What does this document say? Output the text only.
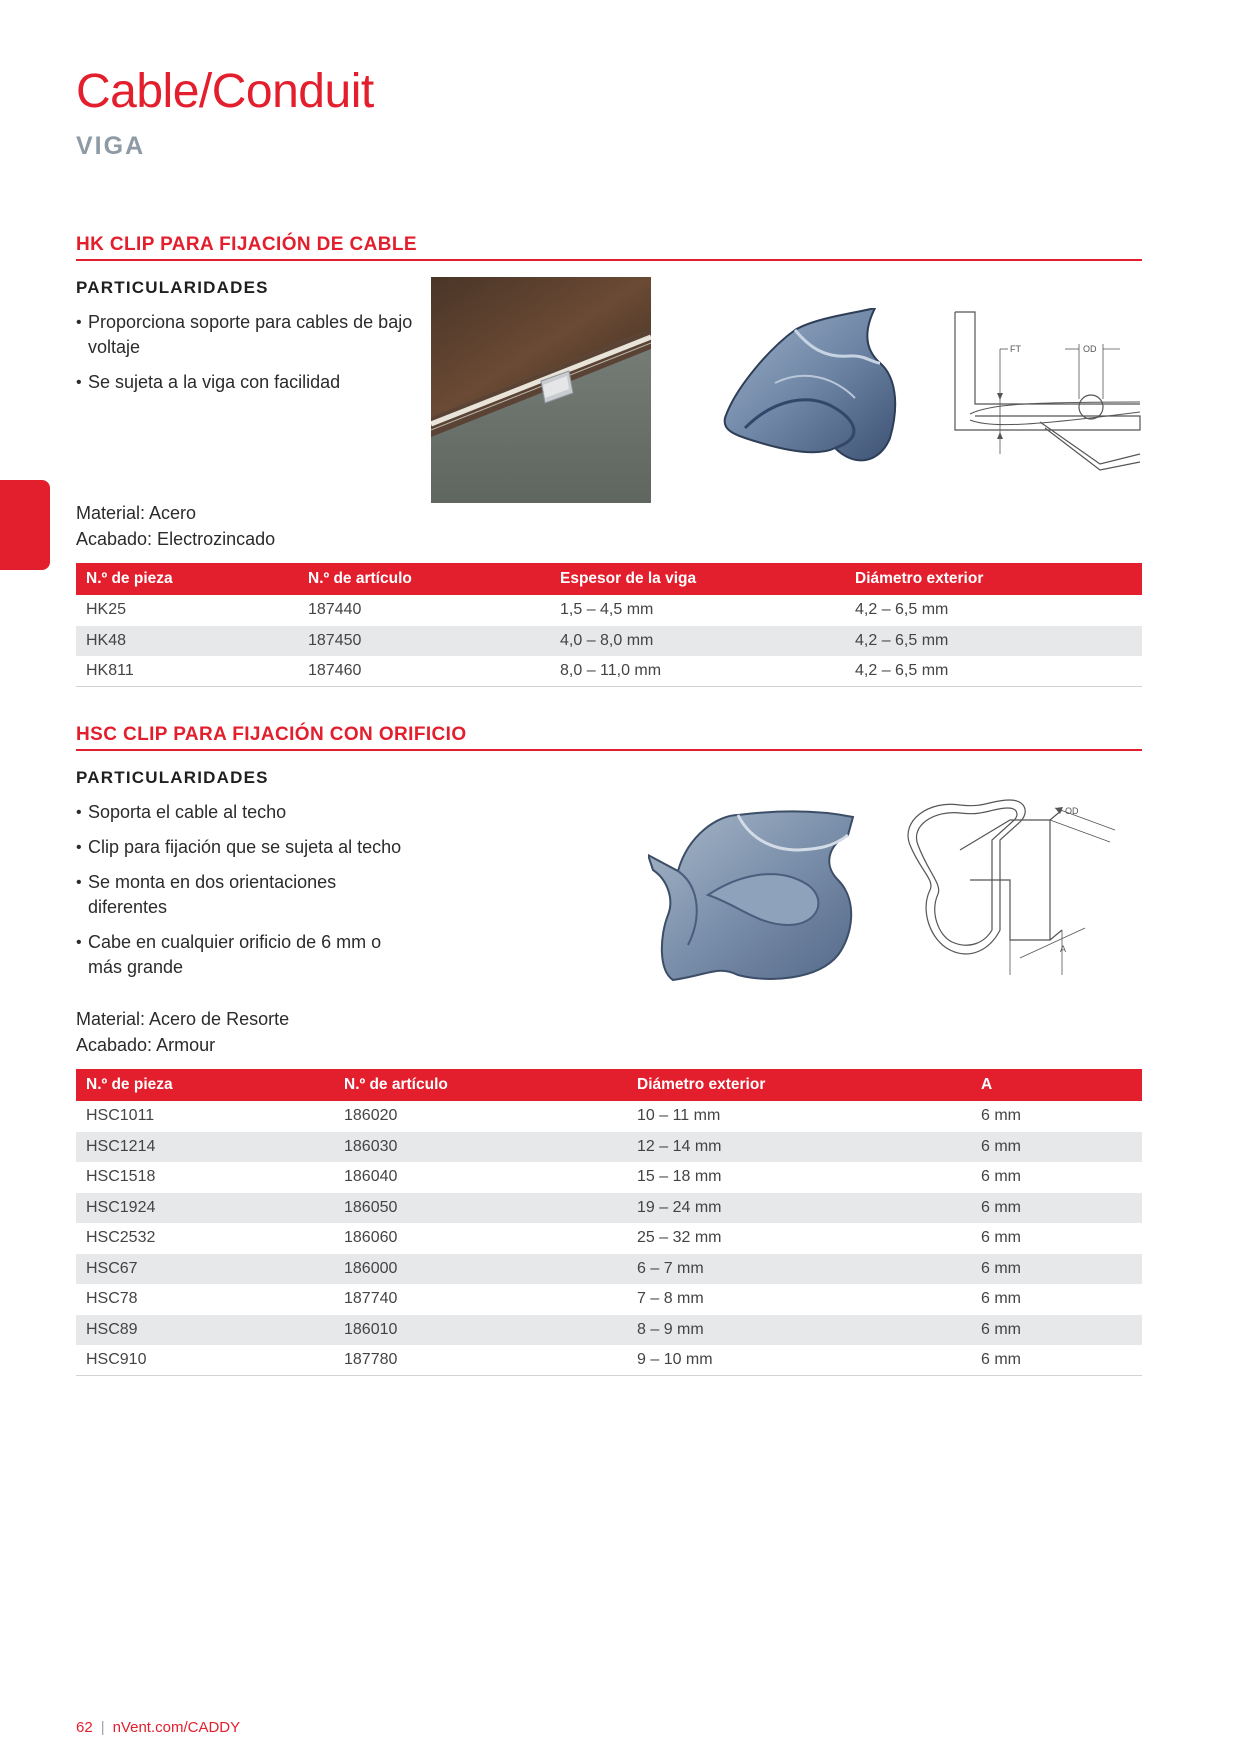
Cable/Conduit
VIGA
HK CLIP PARA FIJACIÓN DE CABLE
PARTICULARIDADES
• Proporciona soporte para cables de bajo voltaje
• Se sujeta a la viga con facilidad
FT	OD
Material: Acero
Acabado: Electrozincado
N.º de pieza	N.º de artículo	Espesor de la viga	Diámetro exterior
HK25	187440	1,5 – 4,5 mm	4,2 – 6,5 mm
HK48	187450	4,0 – 8,0 mm	4,2 – 6,5 mm
HK811	187460	8,0 – 11,0 mm	4,2 – 6,5 mm
HSC CLIP PARA FIJACIÓN CON ORIFICIO
PARTICULARIDADES
• Soporta el cable al techo
• Clip para fijación que se sujeta al techo
• Se monta en dos orientaciones diferentes
• Cabe en cualquier orificio de 6 mm o más grande
OD
A
Material: Acero de Resorte
Acabado: Armour
N.º de pieza	N.º de artículo	Diámetro exterior	A
HSC1011	186020	10 – 11 mm	6 mm
HSC1214	186030	12 – 14 mm	6 mm
HSC1518	186040	15 – 18 mm	6 mm
HSC1924	186050	19 – 24 mm	6 mm
HSC2532	186060	25 – 32 mm	6 mm
HSC67	186000	6 – 7 mm	6 mm
HSC78	187740	7 – 8 mm	6 mm
HSC89	186010	8 – 9 mm	6 mm
HSC910	187780	9 – 10 mm	6 mm
62 | nVent.com/CADDY
